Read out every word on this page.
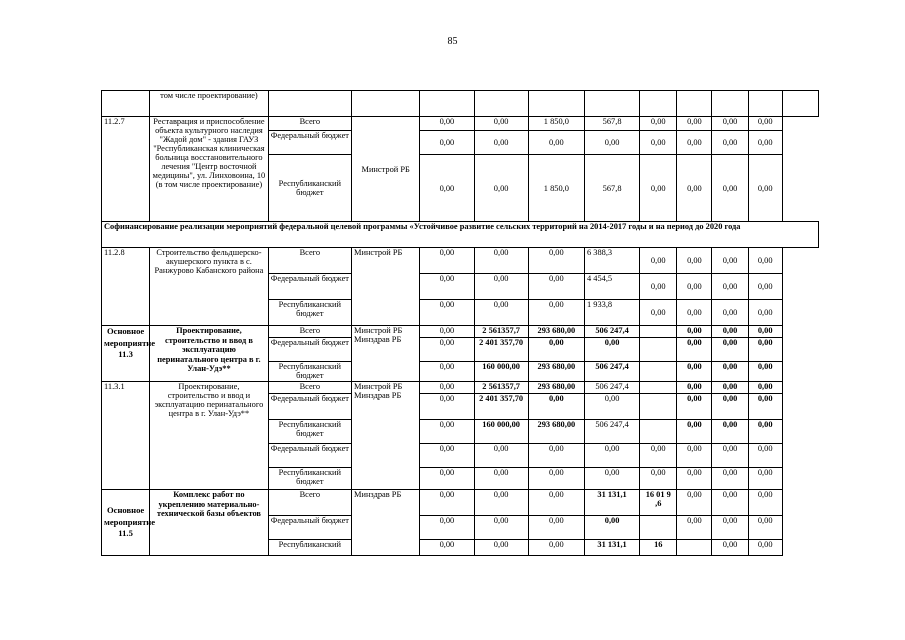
85
	том числе проектирование)											
11.2.7	Реставрация и приспособление объекта культурного наследия "Жадой дом" - здания ГАУЗ "Республиканская клиническая больница восстановительного лечения "Центр восточной медицины", ул. Линховоина, 10 (в том числе проектирование)	Всего	Минстрой РБ	0,00	0,00	1 850,0	567,8	0,00	0,00	0,00	0,00	
		Федеральный бюджет		0,00	0,00	0,00	0,00	0,00	0,00	0,00	0,00	
		Республиканский бюджет		0,00	0,00	1 850,0	567,8	0,00	0,00	0,00	0,00	
Софинансирование реализации мероприятий федеральной целевой программы «Устойчивое развитие сельских территорий на 2014-2017 годы и на период до 2020 года												
11.2.8	Строительство фельдшерско-акушерского пункта в с. Ранжурово Кабанского района	Всего	Минстрой РБ	0,00	0,00	0,00	6 388,3	0,00	0,00	0,00	0,00	
		Федеральный бюджет		0,00	0,00	0,00	4 454,5	0,00	0,00	0,00	0,00	
		Республиканский бюджет		0,00	0,00	0,00	1 933,8	0,00	0,00	0,00	0,00	
Основное мероприятие 11.3	Проектирование, строительство и ввод в эксплуатацию перинатального центра в г. Улан-Удэ**	Всего	Минстрой РБ Минздрав РБ	0,00	2 561357,7	293 680,00	506 247,4		0,00	0,00	0,00	
		Федеральный бюджет		0,00	2 401 357,70	0,00	0,00		0,00	0,00	0,00	
		Республиканский бюджет		0,00	160 000,00	293 680,00	506 247,4		0,00	0,00	0,00	
11.3.1	Проектирование, строительство и ввод и эксплуатацию перинатального центра в г. Улан-Удэ**	Всего	Минстрой РБ Минздрав РБ	0,00	2 561357,7	293 680,00	506 247,4		0,00	0,00	0,00	
		Федеральный бюджет		0,00	2 401 357,70	0,00	0,00		0,00	0,00	0,00	
		Республиканский бюджет		0,00	160 000,00	293 680,00	506 247,4		0,00	0,00	0,00	
		Федеральный бюджет		0,00	0,00	0,00	0,00	0,00	0,00	0,00	0,00	
		Республиканский бюджет		0,00	0,00	0,00	0,00	0,00	0,00	0,00	0,00	
Основное мероприятие 11.5	Комплекс работ по укреплению материально-технической базы объектов	Всего	Минздрав РБ	0,00	0,00	0,00	31 131,1	16 01 9 ,6	0,00	0,00	0,00	
		Федеральный бюджет		0,00	0,00	0,00	0,00		0,00	0,00	0,00	
		Республиканский		0,00	0,00	0,00	31 131,1	16		0,00	0,00	
